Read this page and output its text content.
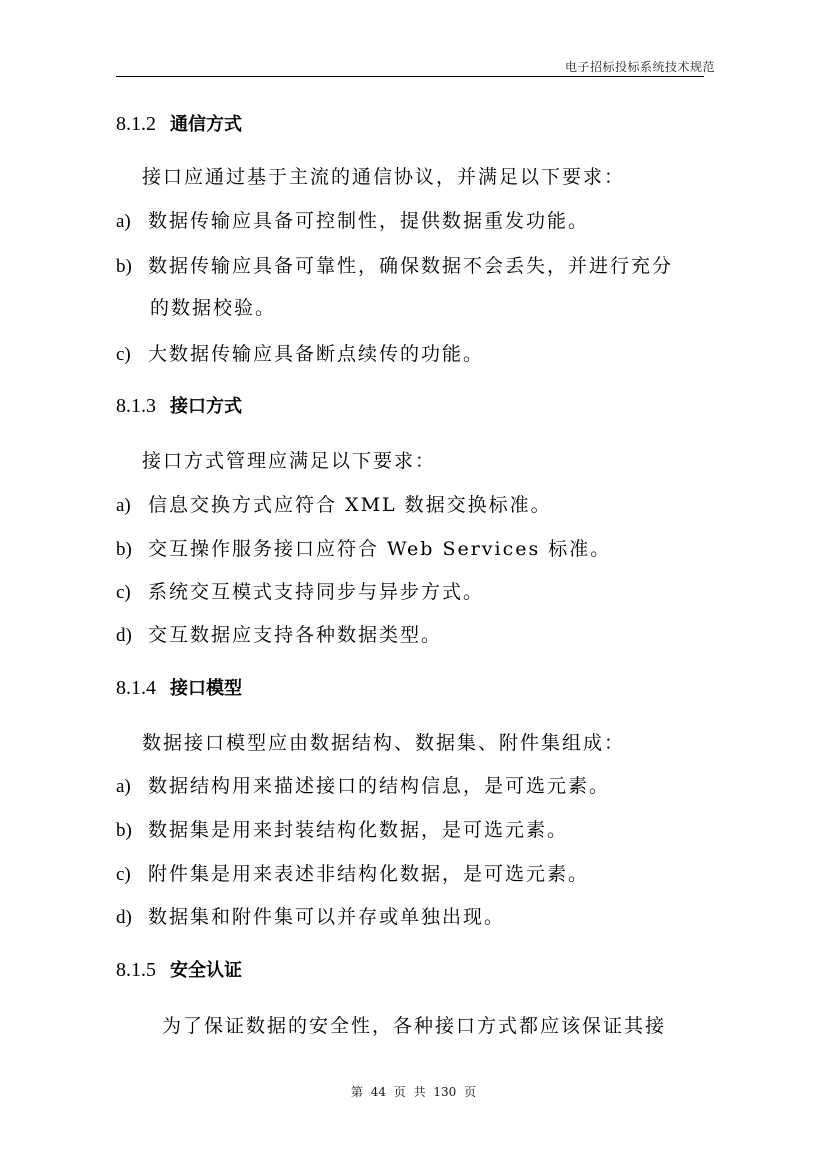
电子招标投标系统技术规范
8.1.2 通信方式
接口应通过基于主流的通信协议，并满足以下要求：
a) 数据传输应具备可控制性，提供数据重发功能。
b) 数据传输应具备可靠性，确保数据不会丢失，并进行充分
的数据校验。
c) 大数据传输应具备断点续传的功能。
8.1.3 接口方式
接口方式管理应满足以下要求：
a) 信息交换方式应符合 XML 数据交换标准。
b) 交互操作服务接口应符合 Web Services 标准。
c) 系统交互模式支持同步与异步方式。
d) 交互数据应支持各种数据类型。
8.1.4 接口模型
数据接口模型应由数据结构、数据集、附件集组成：
a) 数据结构用来描述接口的结构信息，是可选元素。
b) 数据集是用来封装结构化数据，是可选元素。
c) 附件集是用来表述非结构化数据，是可选元素。
d) 数据集和附件集可以并存或单独出现。
8.1.5 安全认证
为了保证数据的安全性，各种接口方式都应该保证其接
第 44 页 共 130 页
